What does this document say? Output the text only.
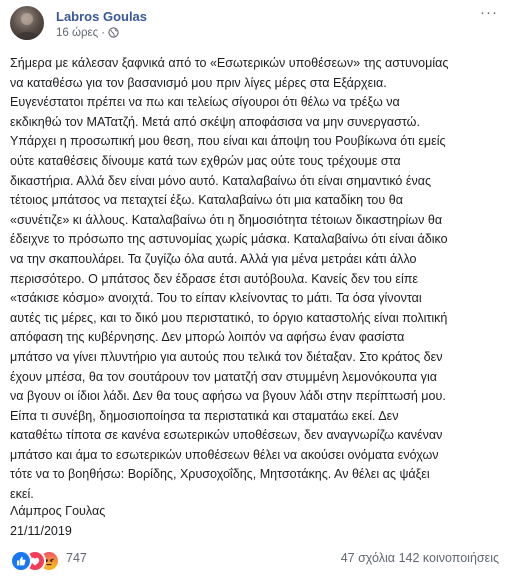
Labros Goulas
16 ώρες ·
···

Σήμερα με κάλεσαν ξαφνικά από το «Εσωτερικών υποθέσεων» της αστυνομίας

να καταθέσω για τον βασανισμό μου πριν λίγες μέρες στα Εξάρχεια.

Ευγενέστατοι πρέπει να πω και τελείως σίγουροι ότι θέλω να τρέξω να

εκδικηθώ τον ΜΑΤατζή. Μετά από σκέψη αποφάσισα να μην συνεργαστώ.

Υπάρχει η προσωπική μου θεση, που είναι και άποψη του Ρουβίκωνα ότι εμείς

ούτε καταθέσεις δίνουμε κατά των εχθρών μας ούτε τους τρέχουμε στα

δικαστήρια. Αλλά δεν είναι μόνο αυτό. Καταλαβαίνω ότι είναι σημαντικό ένας

τέτοιος μπάτσος να πεταχτεί έξω. Καταλαβαίνω ότι μια καταδίκη του θα

«συνέτιζε» κι άλλους. Καταλαβαίνω ότι η δημοσιότητα τέτοιων δικαστηρίων θα

έδειχνε το πρόσωπο της αστυνομίας χωρίς μάσκα. Καταλαβαίνω ότι είναι άδικο

να την σκαπουλάρει. Τα ζυγίζω όλα αυτά. Αλλά για μένα μετράει κάτι άλλο

περισσότερο. Ο μπάτσος δεν έδρασε έτσι αυτόβουλα. Κανείς δεν του είπε

«τσάκισε κόσμο» ανοιχτά. Του το είπαν κλείνοντας το μάτι. Τα όσα γίνονται

αυτές τις μέρες, και το δικό μου περιστατικό, το όργιο καταστολής είναι πολιτική

απόφαση της κυβέρνησης. Δεν μπορώ λοιπόν να αφήσω έναν φασίστα

μπάτσο να γίνει πλυντήριο για αυτούς που τελικά τον διέταξαν. Στο κράτος δεν

έχουν μπέσα, θα τον σουτάρουν τον ματατζή σαν στυμμένη λεμονόκουπα για

να βγουν οι ίδιοι λάδι. Δεν θα τους αφήσω να βγουν λάδι στην περίπτωσή μου.

Είπα τι συνέβη, δημοσιοποίησα τα περιστατικά και σταματάω εκεί. Δεν

καταθέτω τίποτα σε κανένα εσωτερικών υποθέσεων, δεν αναγνωρίζω κανέναν

μπάτσο και άμα το εσωτερικών υποθέσεων θέλει να ακούσει ονόματα ενόχων

τότε να το βοηθήσω: Βορίδης, Χρυσοχοΐδης, Μητσοτάκης. Αν θέλει ας ψάξει

εκεί.

Λάμπρος Γουλας
21/11/2019
747	47 σχόλια 142 κοινοποιήσεις
